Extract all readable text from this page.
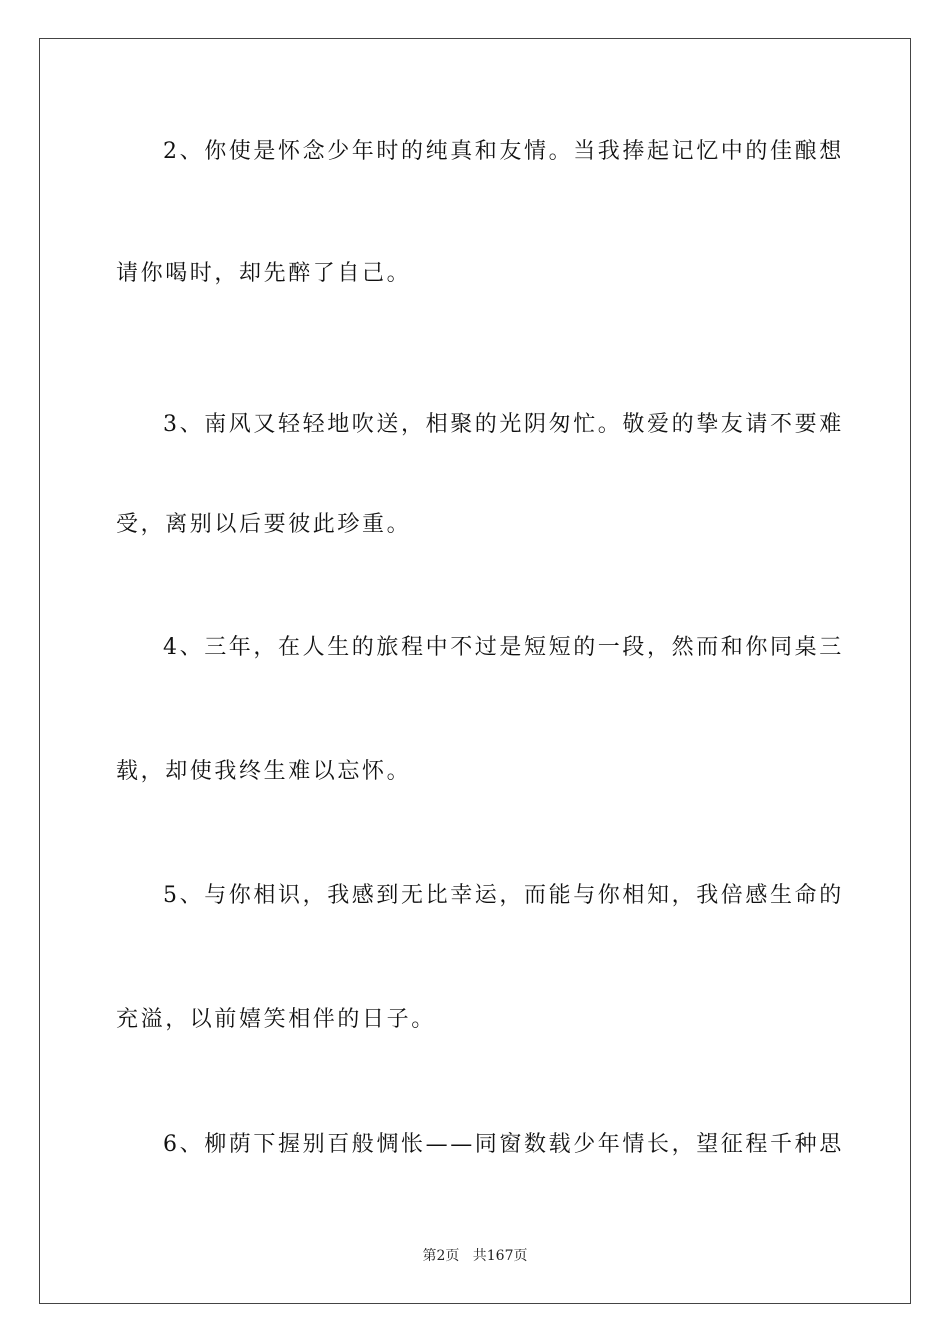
2、你使是怀念少年时的纯真和友情。当我捧起记忆中的佳酿想
请你喝时，却先醉了自己。
3、南风又轻轻地吹送，相聚的光阴匆忙。敬爱的挚友请不要难
受，离别以后要彼此珍重。
4、三年，在人生的旅程中不过是短短的一段，然而和你同桌三
载，却使我终生难以忘怀。
5、与你相识，我感到无比幸运，而能与你相知，我倍感生命的
充溢，以前嬉笑相伴的日子。
6、柳荫下握别百般惆怅——同窗数载少年情长，望征程千种思
第2页 共167页
